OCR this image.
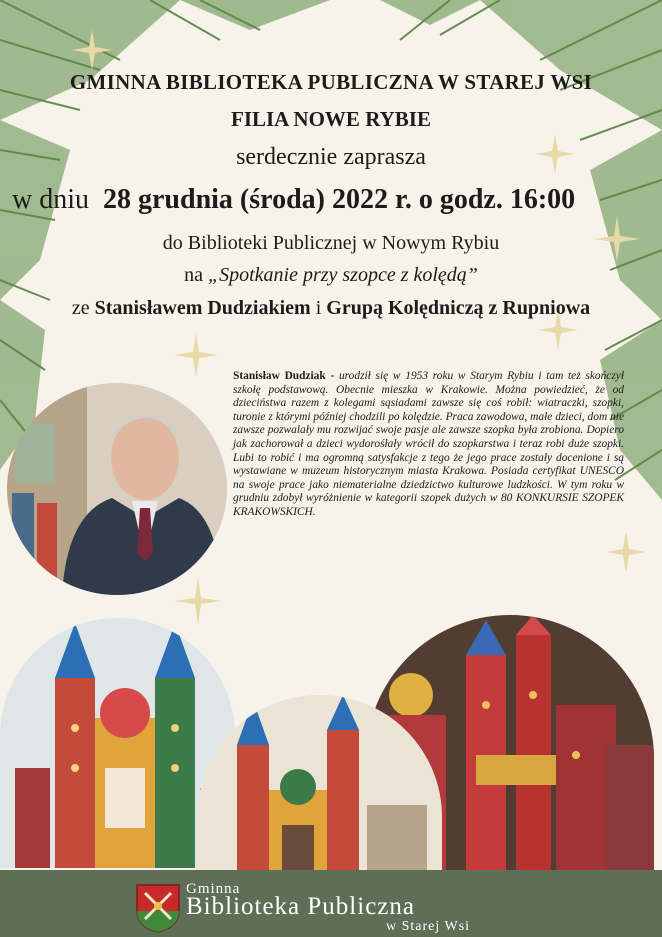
GMINNA BIBLIOTEKA PUBLICZNA W STAREJ WSI
FILIA NOWE RYBIE
serdecznie zaprasza
w dniu 28 grudnia (środa) 2022 r. o godz. 16:00
do Biblioteki Publicznej w Nowym Rybiu
na „Spotkanie przy szopce z kolędą”
ze Stanisławem Dudziakiem i Grupą Kolędniczą z Rupniowa
Stanisław Dudziak - urodził się w 1953 roku w Starym Rybiu i tam też skończył szkołę podstawową. Obecnie mieszka w Krakowie. Można powiedzieć, że od dzieciństwa razem z kolegami sąsiadami zawsze się coś robił: wiatraczki, szopki, turonie z którymi później chodzili po kolędzie. Praca zawodowa, małe dzieci, dom nie zawsze pozwalały mu rozwijać swoje pasje ale zawsze szopka była zrobiona. Dopiero jak zachorował a dzieci wydorośłały wrócił do szopkarstwa i teraz robi duże szopki. Lubi to robić i ma ogromną satysfakcje z tego że jego prace zostały docenione i są wystawiane w muzeum historycznym miasta Krakowa. Posiada certyfikat UNESCO na swoje prace jako niematerialne dziedzictwo kulturowe ludzkości. W tym roku w grudniu zdobył wyróżnienie w kategorii szopek dużych w 80 KONKURSIE SZOPEK KRAKOWSKICH.
Gminna
Biblioteka Publiczna
w Starej Wsi
